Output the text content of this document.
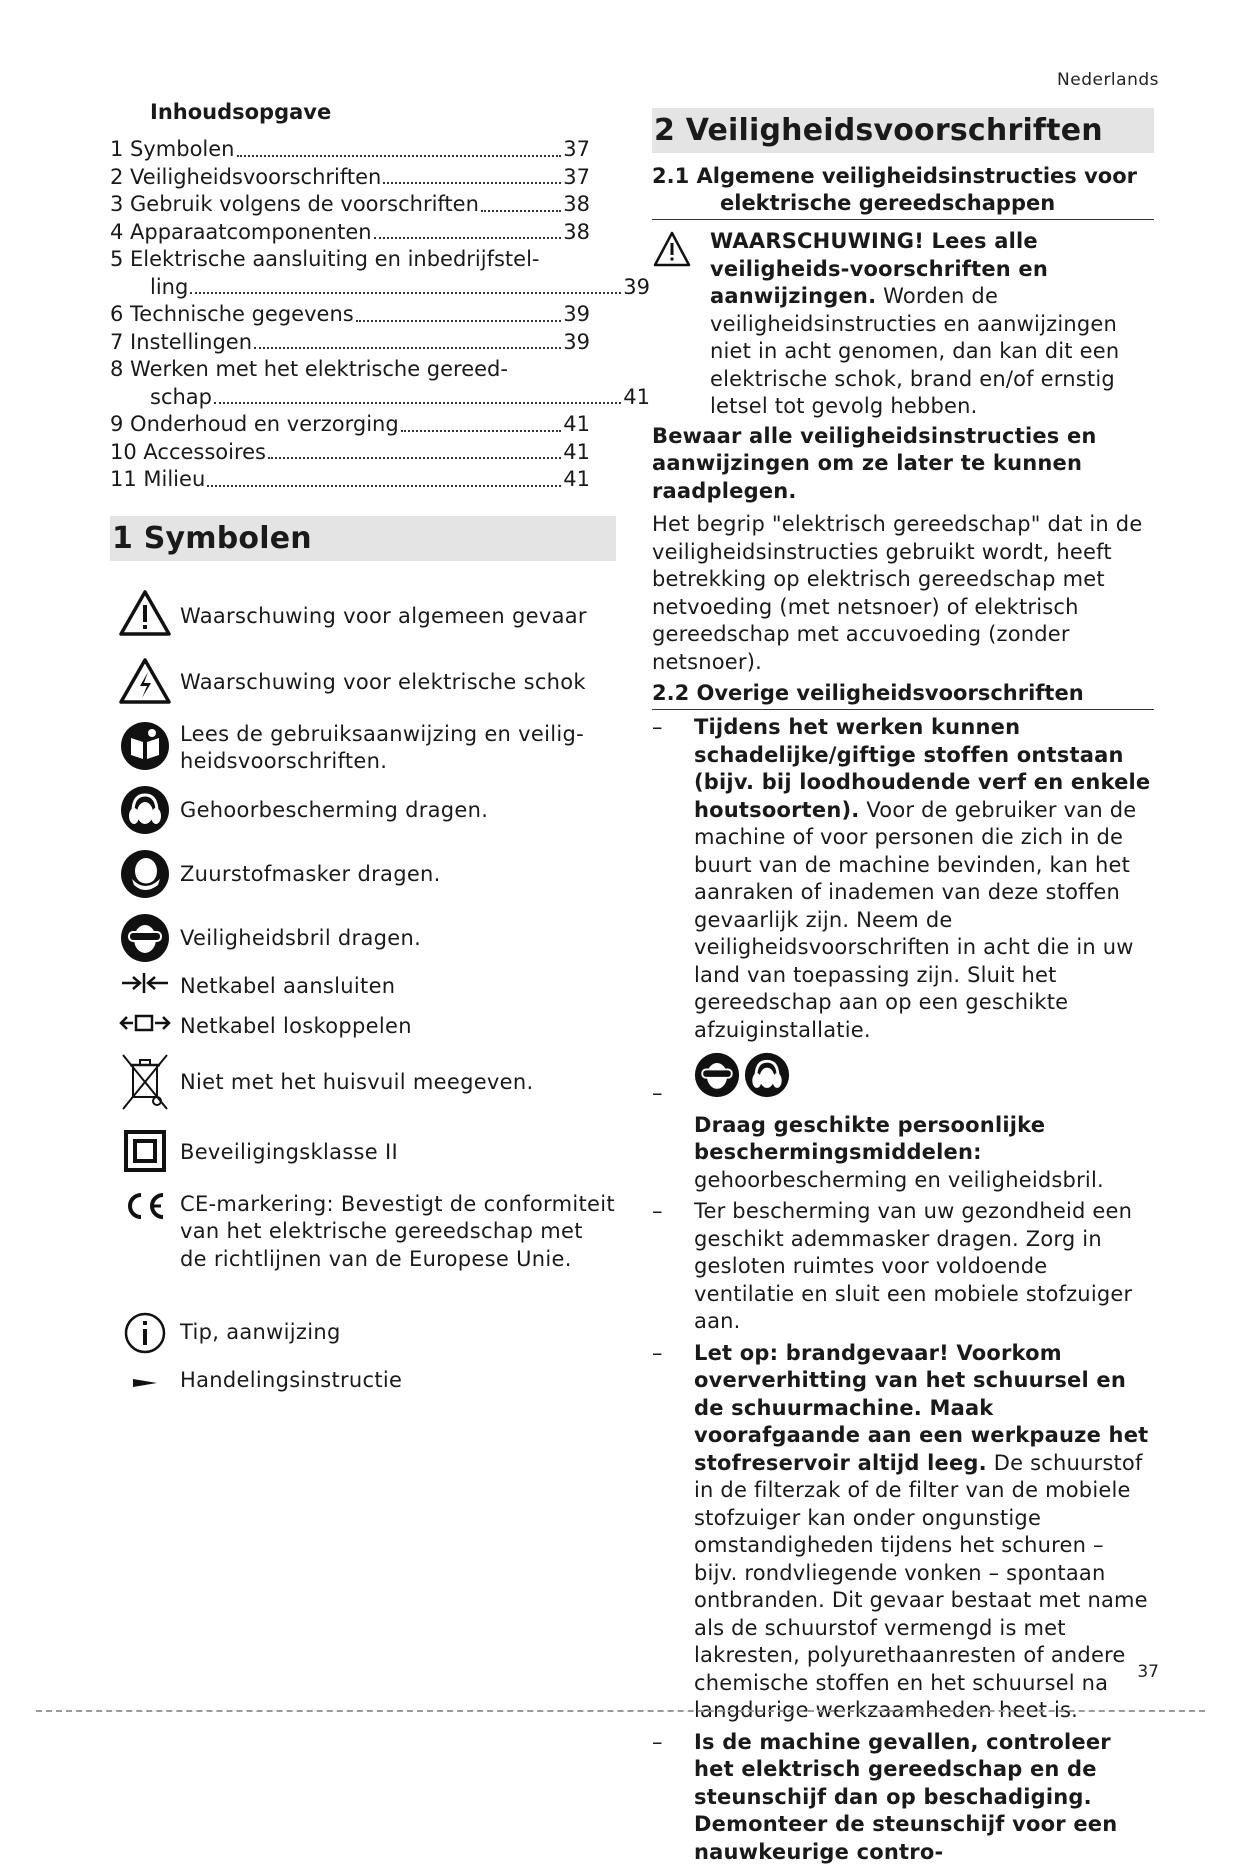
Nederlands
Inhoudsopgave
1 Symbolen	37
2 Veiligheidsvoorschriften	37
3 Gebruik volgens de voorschriften	38
4 Apparaatcomponenten	38
5 Elektrische aansluiting en inbedrijfstel-
ling	39
6 Technische gegevens	39
7 Instellingen	39
8 Werken met het elektrische gereed-
schap	41
9 Onderhoud en verzorging	41
10 Accessoires	41
11 Milieu	41
1 Symbolen
Waarschuwing voor algemeen gevaar
Waarschuwing voor elektrische schok
Lees de gebruiksaanwijzing en veilig-heidsvoorschriften.
Gehoorbescherming dragen.
Zuurstofmasker dragen.
Veiligheidsbril dragen.
Netkabel aansluiten
Netkabel loskoppelen
Niet met het huisvuil meegeven.
Beveiligingsklasse II
CE-markering: Bevestigt de conformiteit van het elektrische gereedschap met de richtlijnen van de Europese Unie.
Tip, aanwijzing
Handelingsinstructie
2 Veiligheidsvoorschriften
2.1 Algemene veiligheidsinstructies voor
elektrische gereedschappen
WAARSCHUWING! Lees alle veiligheids-voorschriften en aanwijzingen. Worden de veiligheidsinstructies en aanwijzingen niet in acht genomen, dan kan dit een elektrische schok, brand en/of ernstig letsel tot gevolg hebben.
Bewaar alle veiligheidsinstructies en aanwijzingen om ze later te kunnen raadplegen.
Het begrip "elektrisch gereedschap" dat in de veiligheidsinstructies gebruikt wordt, heeft betrekking op elektrisch gereedschap met netvoeding (met netsnoer) of elektrisch gereedschap met accuvoeding (zonder netsnoer).
2.2 Overige veiligheidsvoorschriften
– Tijdens het werken kunnen schadelijke/giftige stoffen ontstaan (bijv. bij loodhoudende verf en enkele houtsoorten). Voor de gebruiker van de machine of voor personen die zich in de buurt van de machine bevinden, kan het aanraken of inademen van deze stoffen gevaarlijk zijn. Neem de veiligheidsvoorschriften in acht die in uw land van toepassing zijn. Sluit het gereedschap aan op een geschikte afzuiginstallatie.
–
Draag geschikte persoonlijke beschermingsmiddelen: gehoorbescherming en veiligheidsbril.
– Ter bescherming van uw gezondheid een geschikt ademmasker dragen. Zorg in gesloten ruimtes voor voldoende ventilatie en sluit een mobiele stofzuiger aan.
– Let op: brandgevaar! Voorkom oververhitting van het schuursel en de schuurmachine. Maak voorafgaande aan een werkpauze het stofreservoir altijd leeg. De schuurstof in de filterzak of de filter van de mobiele stofzuiger kan onder ongunstige omstandigheden tijdens het schuren – bijv. rondvliegende vonken – spontaan ontbranden. Dit gevaar bestaat met name als de schuurstof vermengd is met lakresten, polyurethaanresten of andere chemische stoffen en het schuursel na langdurige werkzaamheden heet is.
– Is de machine gevallen, controleer het elektrisch gereedschap en de steunschijf dan op beschadiging. Demonteer de steunschijf voor een nauwkeurige contro-
37
